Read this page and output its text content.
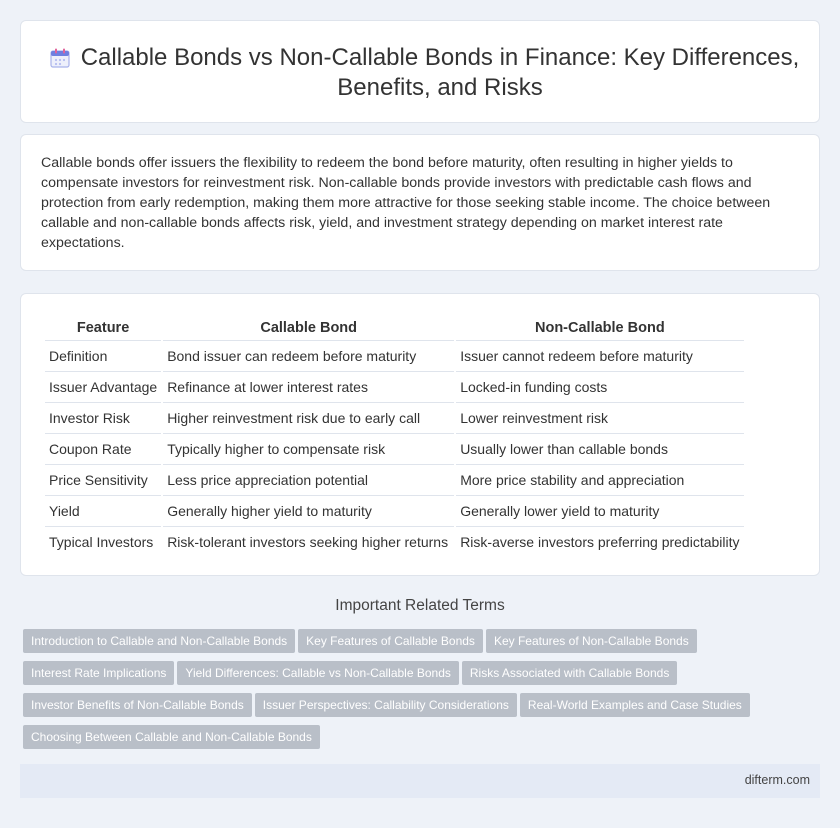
Callable Bonds vs Non-Callable Bonds in Finance: Key Differences, Benefits, and Risks

Callable bonds offer issuers the flexibility to redeem the bond before maturity, often resulting in higher yields to compensate investors for reinvestment risk. Non-callable bonds provide investors with predictable cash flows and protection from early redemption, making them more attractive for those seeking stable income. The choice between callable and non-callable bonds affects risk, yield, and investment strategy depending on market interest rate expectations.

Feature	Callable Bond	Non-Callable Bond
Definition	Bond issuer can redeem before maturity	Issuer cannot redeem before maturity
Issuer Advantage	Refinance at lower interest rates	Locked-in funding costs
Investor Risk	Higher reinvestment risk due to early call	Lower reinvestment risk
Coupon Rate	Typically higher to compensate risk	Usually lower than callable bonds
Price Sensitivity	Less price appreciation potential	More price stability and appreciation
Yield	Generally higher yield to maturity	Generally lower yield to maturity
Typical Investors	Risk-tolerant investors seeking higher returns	Risk-averse investors preferring predictability
Important Related Terms
Introduction to Callable and Non-Callable Bonds Key Features of Callable Bonds Key Features of Non-Callable Bonds
Interest Rate Implications Yield Differences: Callable vs Non-Callable Bonds Risks Associated with Callable Bonds
Investor Benefits of Non-Callable Bonds Issuer Perspectives: Callability Considerations Real-World Examples and Case Studies
Choosing Between Callable and Non-Callable Bonds
difterm.com
